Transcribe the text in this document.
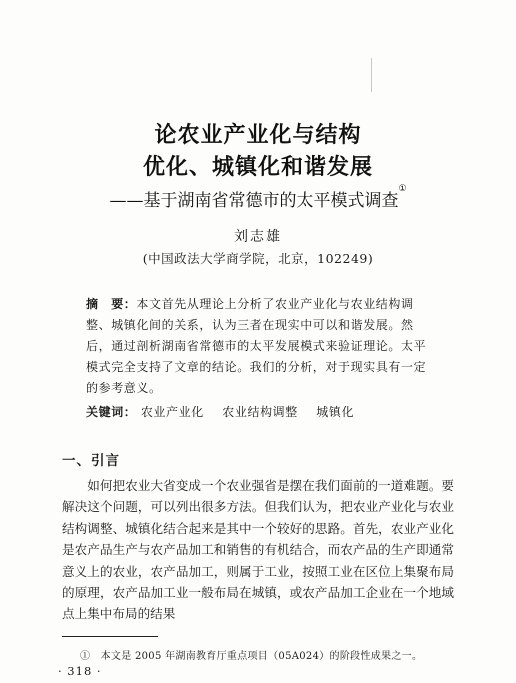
论农业产业化与结构
优化、城镇化和谐发展
——基于湖南省常德市的太平模式调查①
刘志雄
(中国政法大学商学院，北京，102249)
摘　要：本文首先从理论上分析了农业产业化与农业结构调整、城镇化间的关系，认为三者在现实中可以和谐发展。然后，通过剖析湖南省常德市的太平发展模式来验证理论。太平模式完全支持了文章的结论。我们的分析，对于现实具有一定的参考意义。
关键词： 农业产业化 农业结构调整 城镇化
一、引言
如何把农业大省变成一个农业强省是摆在我们面前的一道难题。要解决这个问题，可以列出很多方法。但我们认为，把农业产业化与农业结构调整、城镇化结合起来是其中一个较好的思路。首先，农业产业化是农产品生产与农产品加工和销售的有机结合，而农产品的生产即通常意义上的农业，农产品加工，则属于工业，按照工业在区位上集聚布局的原理，农产品加工业一般布局在城镇，或农产品加工企业在一个地域点上集中布局的结果
①　本文是 2005 年湖南教育厅重点项目（05A024）的阶段性成果之一。
· 318 ·
